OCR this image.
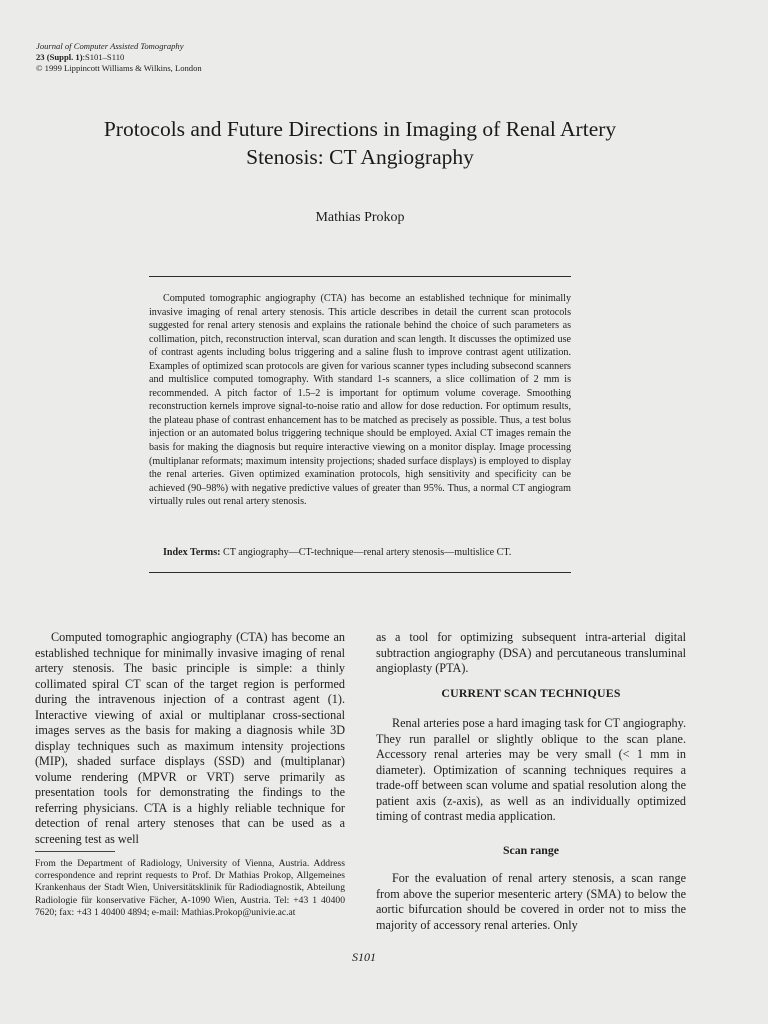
Journal of Computer Assisted Tomography
23 (Suppl. 1):S101–S110
© 1999 Lippincott Williams & Wilkins, London
Protocols and Future Directions in Imaging of Renal Artery
Stenosis: CT Angiography
Mathias Prokop
Computed tomographic angiography (CTA) has become an established technique for minimally invasive imaging of renal artery stenosis. This article describes in detail the current scan protocols suggested for renal artery stenosis and explains the rationale behind the choice of such parameters as collimation, pitch, reconstruction interval, scan duration and scan length. It discusses the optimized use of contrast agents including bolus triggering and a saline flush to improve contrast agent utilization. Examples of optimized scan protocols are given for various scanner types including subsecond scanners and multislice computed tomography. With standard 1-s scanners, a slice collimation of 2 mm is recommended. A pitch factor of 1.5–2 is important for optimum volume coverage. Smoothing reconstruction kernels improve signal-to-noise ratio and allow for dose reduction. For optimum results, the plateau phase of contrast enhancement has to be matched as precisely as possible. Thus, a test bolus injection or an automated bolus triggering technique should be employed. Axial CT images remain the basis for making the diagnosis but require interactive viewing on a monitor display. Image processing (multiplanar reformats; maximum intensity projections; shaded surface displays) is employed to display the renal arteries. Given optimized examination protocols, high sensitivity and specificity can be achieved (90–98%) with negative predictive values of greater than 95%. Thus, a normal CT angiogram virtually rules out renal artery stenosis.
Index Terms: CT angiography—CT-technique—renal artery stenosis—multislice CT.

Computed tomographic angiography (CTA) has become an established technique for minimally invasive imaging of renal artery stenosis. The basic principle is simple: a thinly collimated spiral CT scan of the target region is performed during the intravenous injection of a contrast agent (1). Interactive viewing of axial or multiplanar cross-sectional images serves as the basis for making a diagnosis while 3D display techniques such as maximum intensity projections (MIP), shaded surface displays (SSD) and (multiplanar) volume rendering (MPVR or VRT) serve primarily as presentation tools for demonstrating the findings to the referring physicians. CTA is a highly reliable technique for detection of renal artery stenoses that can be used as a screening test as well

as a tool for optimizing subsequent intra-arterial digital subtraction angiography (DSA) and percutaneous transluminal angioplasty (PTA).

CURRENT SCAN TECHNIQUES

Renal arteries pose a hard imaging task for CT angiography. They run parallel or slightly oblique to the scan plane. Accessory renal arteries may be very small (< 1 mm in diameter). Optimization of scanning techniques requires a trade-off between scan volume and spatial resolution along the patient axis (z-axis), as well as an individually optimized timing of contrast media application.

Scan range

For the evaluation of renal artery stenosis, a scan range from above the superior mesenteric artery (SMA) to below the aortic bifurcation should be covered in order not to miss the majority of accessory renal arteries. Only

From the Department of Radiology, University of Vienna, Austria. Address correspondence and reprint requests to Prof. Dr Mathias Prokop, Allgemeines Krankenhaus der Stadt Wien, Universitätsklinik für Radiodiagnostik, Abteilung Radiologie für konservative Fächer, A-1090 Wien, Austria. Tel: +43 1 40400 7620; fax: +43 1 40400 4894; e-mail: Mathias.Prokop@univie.ac.at

S101
